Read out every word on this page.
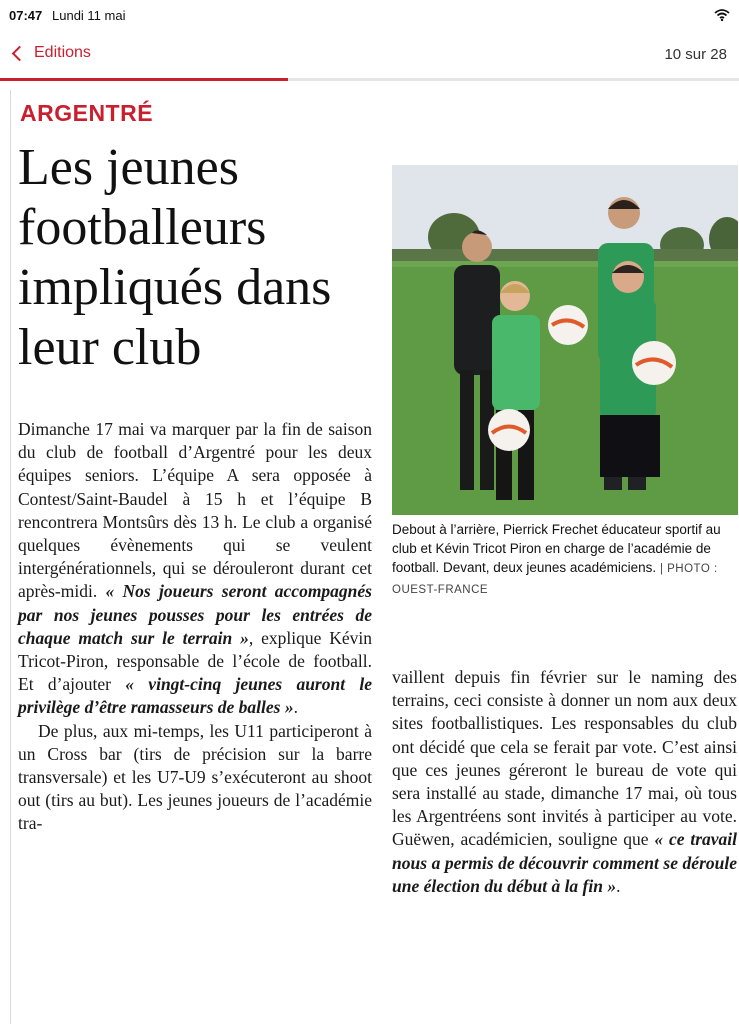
07:47 Lundi 11 mai
Editions	10 sur 28
ARGENTRÉ
Les jeunes footballeurs impliqués dans leur club
Debout à l’arrière, Pierrick Frechet éducateur sportif au club et Kévin Tricot Piron en charge de l’académie de football. Devant, deux jeunes académiciens. | PHOTO : OUEST-FRANCE

Dimanche 17 mai va marquer par la fin de saison du club de football d’Argentré pour les deux équipes seniors. L’équipe A sera opposée à Contest/Saint-Baudel à 15 h et l’équipe B rencontrera Montsûrs dès 13 h. Le club a organisé quelques évènements qui se veulent intergénérationnels, qui se dérouleront durant cet après-midi. « Nos joueurs seront accompagnés par nos jeunes pousses pour les entrées de chaque match sur le terrain », explique Kévin Tricot-Piron, responsable de l’école de football. Et d’ajouter « vingt-cinq jeunes auront le privilège d’être ramasseurs de balles ».

De plus, aux mi-temps, les U11 participeront à un Cross bar (tirs de précision sur la barre transversale) et les U7-U9 s’exécuteront au shoot out (tirs au but). Les jeunes joueurs de l’académie tra-

vaillent depuis fin février sur le naming des terrains, ceci consiste à donner un nom aux deux sites footballistiques. Les responsables du club ont décidé que cela se ferait par vote. C’est ainsi que ces jeunes géreront le bureau de vote qui sera installé au stade, dimanche 17 mai, où tous les Argentréens sont invités à participer au vote. Guëwen, académicien, souligne que « ce travail nous a permis de découvrir comment se déroule une élection du début à la fin ».
